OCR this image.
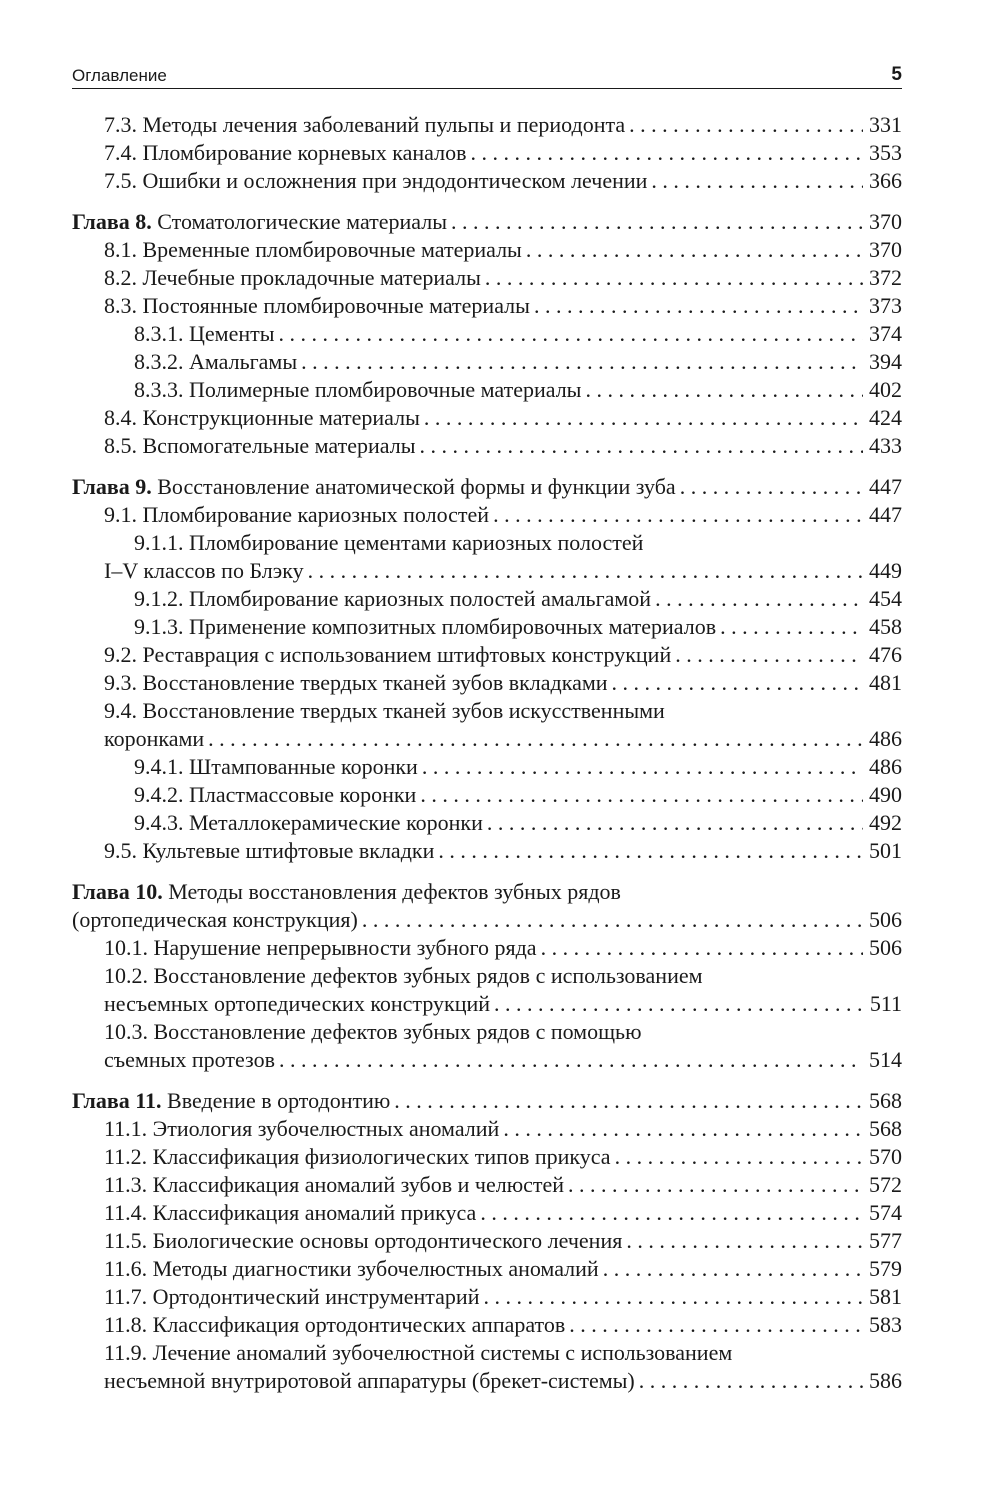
Оглавление	5
7.3. Методы лечения заболеваний пульпы и периодонта . . .	331
7.4. Пломбирование корневых каналов . . .	353
7.5. Ошибки и осложнения при эндодонтическом лечении . . .	366
Глава 8. Стоматологические материалы . . .	370
8.1. Временные пломбировочные материалы . . .	370
8.2. Лечебные прокладочные материалы . . .	372
8.3. Постоянные пломбировочные материалы . . .	373
8.3.1. Цементы . . .	374
8.3.2. Амальгамы . . .	394
8.3.3. Полимерные пломбировочные материалы . . .	402
8.4. Конструкционные материалы . . .	424
8.5. Вспомогательные материалы . . .	433
Глава 9. Восстановление анатомической формы и функции зуба . . .	447
9.1. Пломбирование кариозных полостей . . .	447
9.1.1. Пломбирование цементами кариозных полостей
I–V классов по Блэку . . .	449
9.1.2. Пломбирование кариозных полостей амальгамой . . .	454
9.1.3. Применение композитных пломбировочных материалов . . .	458
9.2. Реставрация с использованием штифтовых конструкций . . .	476
9.3. Восстановление твердых тканей зубов вкладками . . .	481
9.4. Восстановление твердых тканей зубов искусственными
коронками . . .	486
9.4.1. Штампованные коронки . . .	486
9.4.2. Пластмассовые коронки . . .	490
9.4.3. Металлокерамические коронки . . .	492
9.5. Культевые штифтовые вкладки . . .	501
Глава 10. Методы восстановления дефектов зубных рядов
(ортопедическая конструкция) . . .	506
10.1. Нарушение непрерывности зубного ряда . . .	506
10.2. Восстановление дефектов зубных рядов с использованием
несъемных ортопедических конструкций . . .	511
10.3. Восстановление дефектов зубных рядов с помощью
съемных протезов . . .	514
Глава 11. Введение в ортодонтию . . .	568
11.1. Этиология зубочелюстных аномалий . . .	568
11.2. Классификация физиологических типов прикуса . . .	570
11.3. Классификация аномалий зубов и челюстей . . .	572
11.4. Классификация аномалий прикуса . . .	574
11.5. Биологические основы ортодонтического лечения . . .	577
11.6. Методы диагностики зубочелюстных аномалий . . .	579
11.7. Ортодонтический инструментарий . . .	581
11.8. Классификация ортодонтических аппаратов . . .	583
11.9. Лечение аномалий зубочелюстной системы с использованием
несъемной внутриротовой аппаратуры (брекет-системы) . . .	586
